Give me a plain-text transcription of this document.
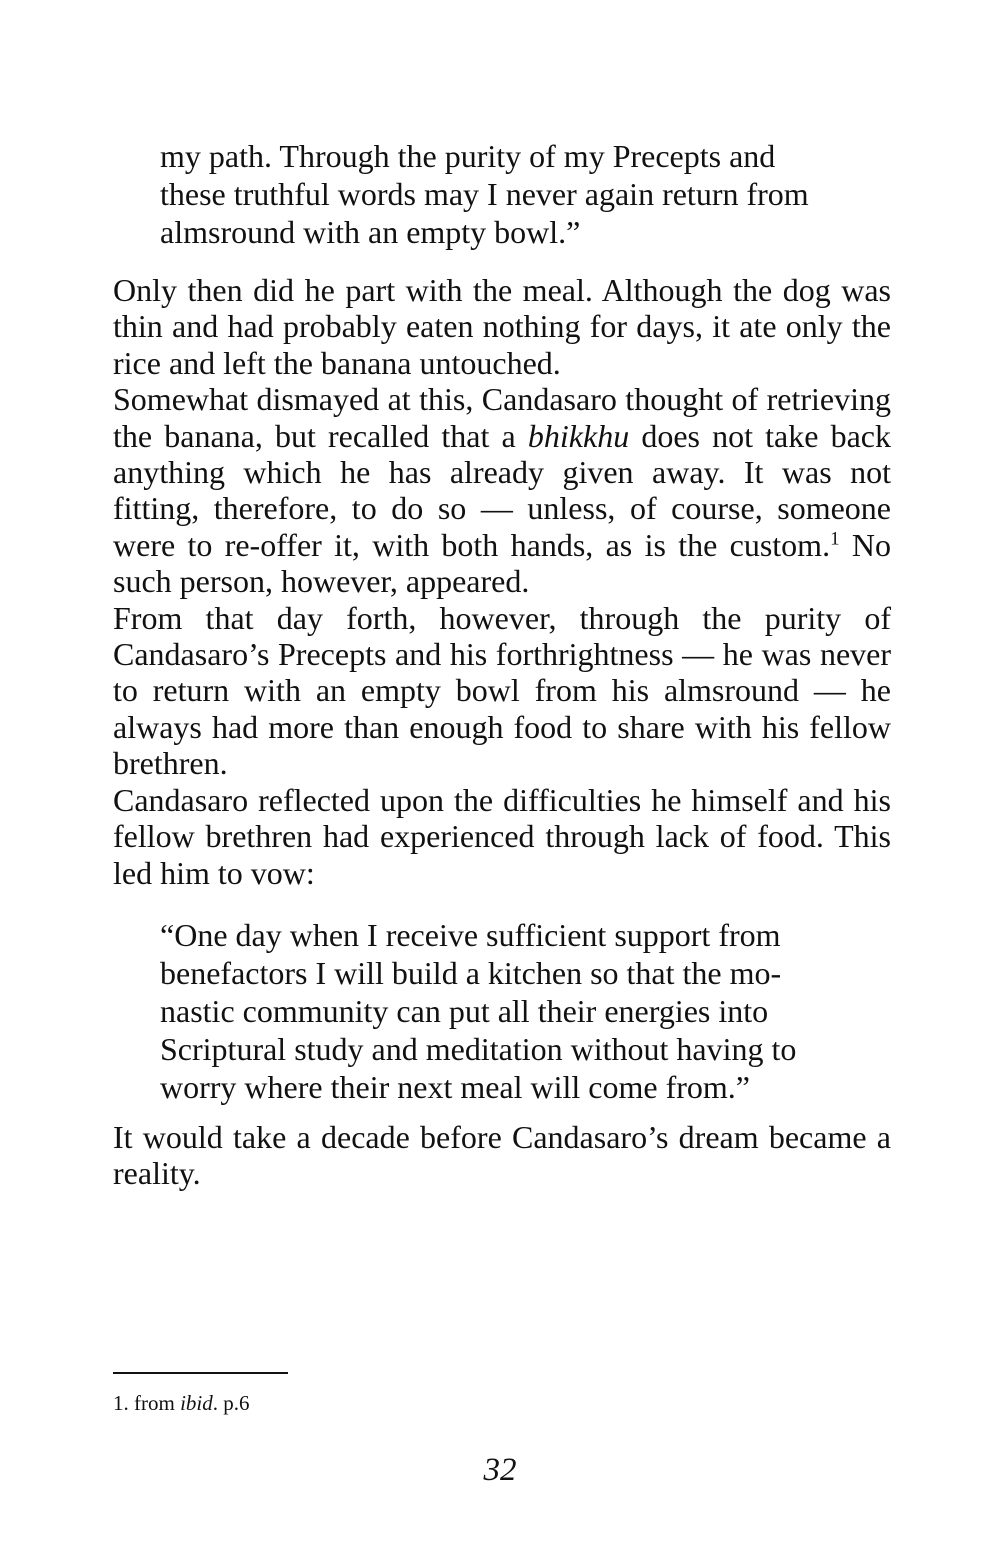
my path. Through the purity of my Precepts and
these truthful words may I never again return from
almsround with an empty bowl.”

Only then did he part with the meal. Although the dog was thin and had probably eaten nothing for days, it ate only the rice and left the banana untouched.

Somewhat dismayed at this, Candasaro thought of retrieving the banana, but recalled that a bhikkhu does not take back anything which he has already given away. It was not fitting, therefore, to do so — unless, of course, someone were to re-offer it, with both hands, as is the custom.$^1$ No such person, however, appeared.

From that day forth, however, through the purity of Candasaro’s Precepts and his forthrightness — he was never to return with an empty bowl from his almsround — he always had more than enough food to share with his fellow brethren.

Candasaro reflected upon the difficulties he himself and his fellow brethren had experienced through lack of food. This led him to vow:

“One day when I receive sufficient support from
benefactors I will build a kitchen so that the mo-
nastic community can put all their energies into
Scriptural study and meditation without having to
worry where their next meal will come from.”

It would take a decade before Candasaro’s dream became a reality.

1. from ibid. p.6
32
